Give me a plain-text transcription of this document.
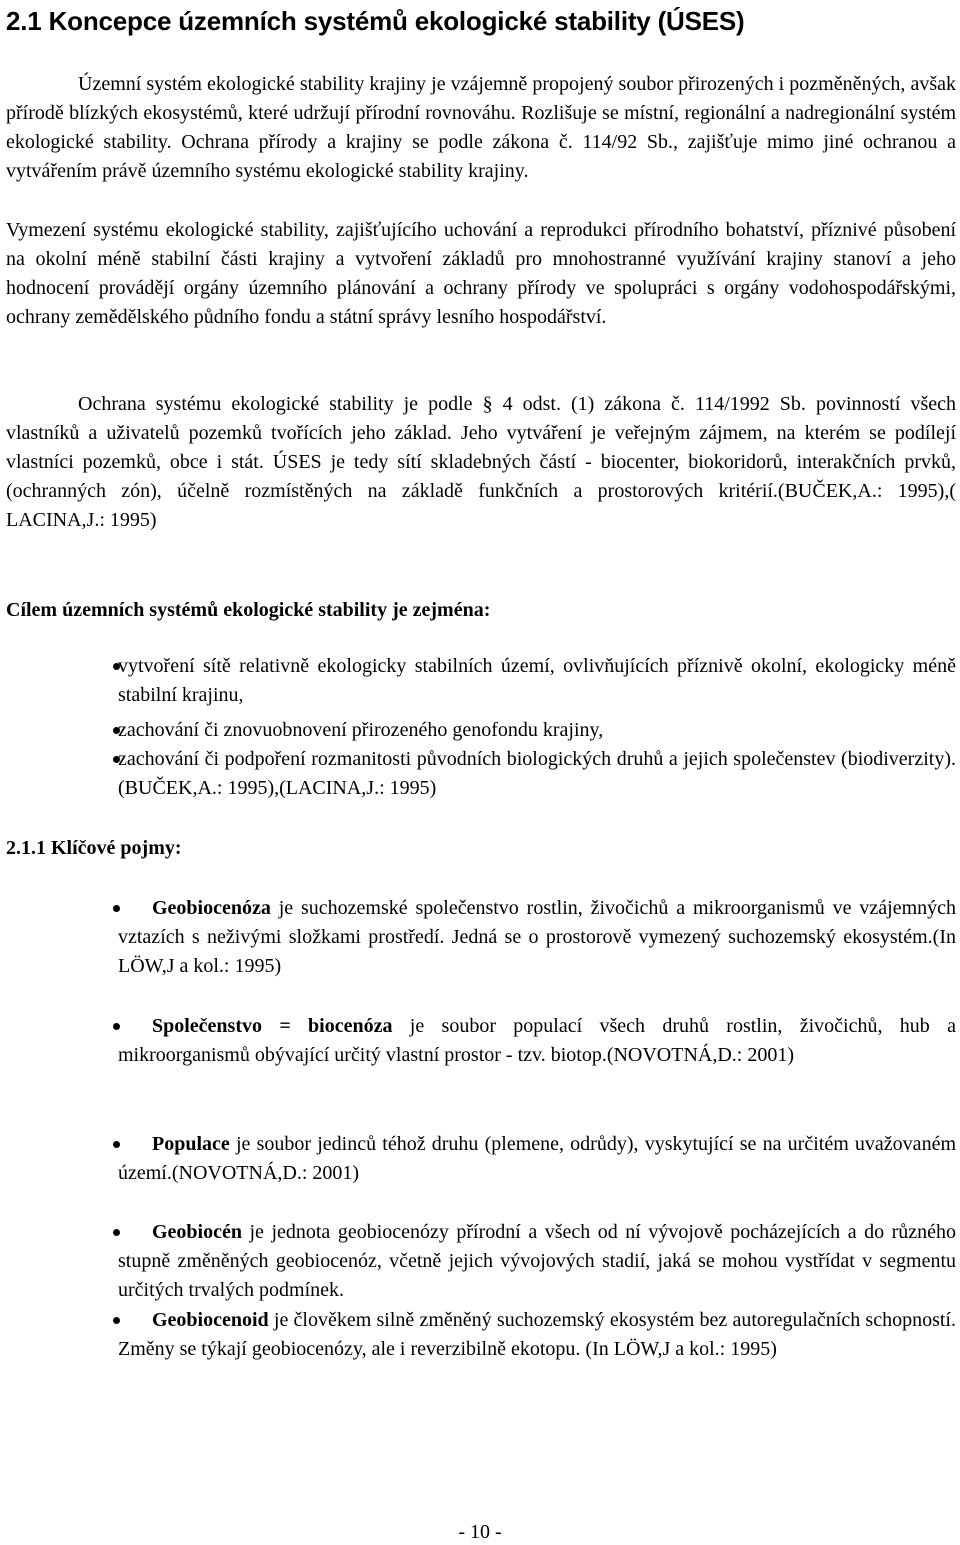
2.1 Koncepce územních systémů ekologické stability (ÚSES)

Územní systém ekologické stability krajiny je vzájemně propojený soubor přirozených i pozměněných, avšak přírodě blízkých ekosystémů, které udržují přírodní rovnováhu. Rozlišuje se místní, regionální a nadregionální systém ekologické stability. Ochrana přírody a krajiny se podle zákona č. 114/92 Sb., zajišťuje mimo jiné ochranou a vytvářením právě územního systému ekologické stability krajiny.

Vymezení systému ekologické stability, zajišťujícího uchování a reprodukci přírodního bohatství, příznivé působení na okolní méně stabilní části krajiny a vytvoření základů pro mnohostranné využívání krajiny stanoví a jeho hodnocení provádějí orgány územního plánování a ochrany přírody ve spolupráci s orgány vodohospodářskými, ochrany zemědělského půdního fondu a státní správy lesního hospodářství.

Ochrana systému ekologické stability je podle § 4 odst. (1) zákona č. 114/1992 Sb. povinností všech vlastníků a uživatelů pozemků tvořících jeho základ. Jeho vytváření je veřejným zájmem, na kterém se podílejí vlastníci pozemků, obce i stát. ÚSES je tedy sítí skladebných částí - biocenter, biokoridorů, interakčních prvků, (ochranných zón), účelně rozmístěných na základě funkčních a prostorových kritérií.(BUČEK,A.: 1995),( LACINA,J.: 1995)

Cílem územních systémů ekologické stability je zejména:
vytvoření sítě relativně ekologicky stabilních území, ovlivňujících příznivě okolní, ekologicky méně stabilní krajinu,
zachování či znovuobnovení přirozeného genofondu krajiny,
zachování či podpoření rozmanitosti původních biologických druhů a jejich společenstev (biodiverzity).(BUČEK,A.: 1995),(LACINA,J.: 1995)
2.1.1 Klíčové pojmy:
Geobiocenóza je suchozemské společenstvo rostlin, živočichů a mikroorganismů ve vzájemných vztazích s neživými složkami prostředí. Jedná se o prostorově vymezený suchozemský ekosystém.(In LÖW,J a kol.: 1995)
Společenstvo = biocenóza je soubor populací všech druhů rostlin, živočichů, hub a mikroorganismů obývající určitý vlastní prostor - tzv. biotop.(NOVOTNÁ,D.: 2001)
Populace je soubor jedinců téhož druhu (plemene, odrůdy), vyskytující se na určitém uvažovaném území.(NOVOTNÁ,D.: 2001)
Geobiocén je jednota geobiocenózy přírodní a všech od ní vývojově pocházejících a do různého stupně změněných geobiocenóz, včetně jejich vývojových stadií, jaká se mohou vystřídat v segmentu určitých trvalých podmínek.
Geobiocenoid je člověkem silně změněný suchozemský ekosystém bez autoregulačních schopností. Změny se týkají geobiocenózy, ale i reverzibilně ekotopu. (In LÖW,J a kol.: 1995)
- 10 -
